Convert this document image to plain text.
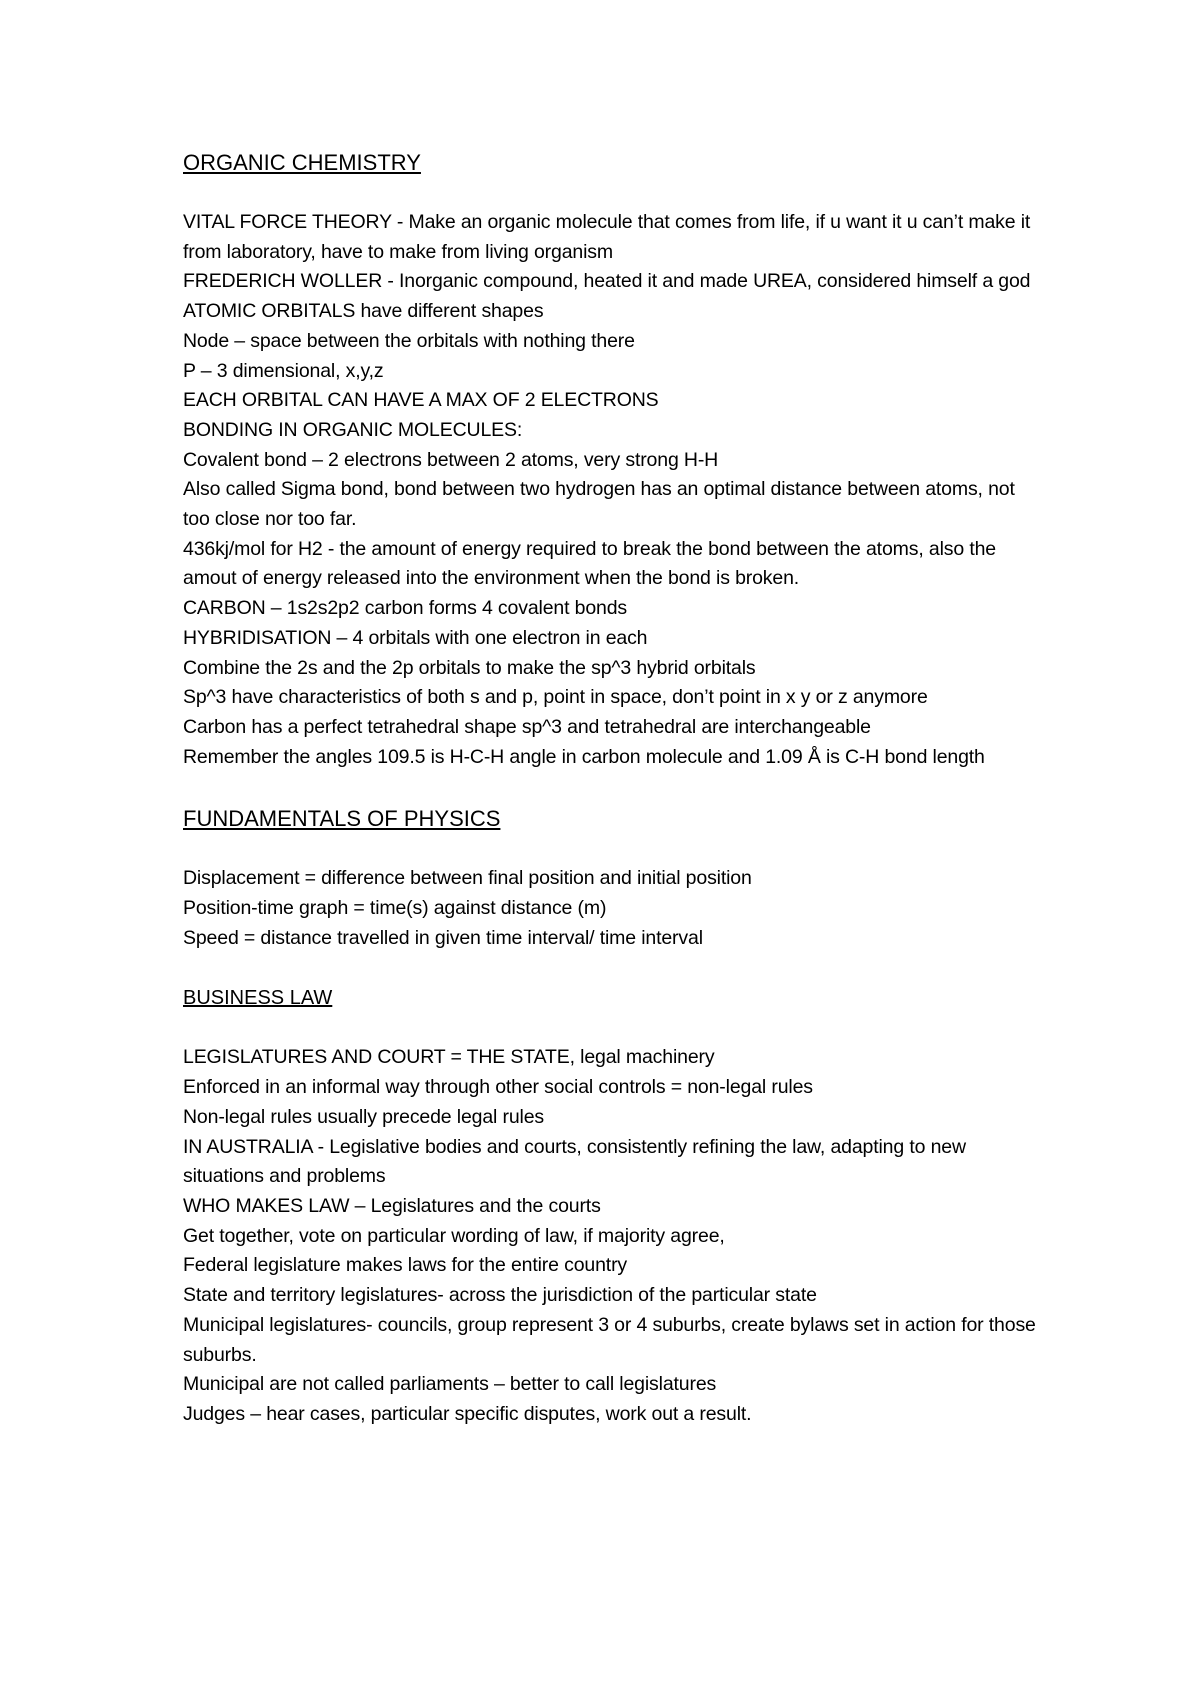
ORGANIC CHEMISTRY

VITAL FORCE THEORY - Make an organic molecule that comes from life, if u want it u can’t make it from laboratory, have to make from living organism

FREDERICH WOLLER - Inorganic compound, heated it and made UREA, considered himself a god

ATOMIC ORBITALS have different shapes

Node – space between the orbitals with nothing there

P – 3 dimensional, x,y,z

EACH ORBITAL CAN HAVE A MAX OF 2 ELECTRONS

BONDING IN ORGANIC MOLECULES:

Covalent bond – 2 electrons between 2 atoms, very strong H-H

Also called Sigma bond, bond between two hydrogen has an optimal distance between atoms, not too close nor too far.

436kj/mol for H2 - the amount of energy required to break the bond between the atoms, also the amout of energy released into the environment when the bond is broken.

CARBON – 1s2s2p2 carbon forms 4 covalent bonds

HYBRIDISATION – 4 orbitals with one electron in each

Combine the 2s and the 2p orbitals to make the sp^3 hybrid orbitals

Sp^3 have characteristics of both s and p, point in space, don’t point in x y or z anymore

Carbon has a perfect tetrahedral shape sp^3 and tetrahedral are interchangeable

Remember the angles 109.5 is H-C-H angle in carbon molecule and 1.09 Å is C-H bond length

FUNDAMENTALS OF PHYSICS

Displacement = difference between final position and initial position

Position-time graph = time(s) against distance (m)

Speed = distance travelled in given time interval/ time interval

BUSINESS LAW

LEGISLATURES AND COURT = THE STATE, legal machinery

Enforced in an informal way through other social controls = non-legal rules

Non-legal rules usually precede legal rules

IN AUSTRALIA - Legislative bodies and courts, consistently refining the law, adapting to new situations and problems

WHO MAKES LAW – Legislatures and the courts

Get together, vote on particular wording of law, if majority agree,

Federal legislature makes laws for the entire country

State and territory legislatures- across the jurisdiction of the particular state

Municipal legislatures- councils, group represent 3 or 4 suburbs, create bylaws set in action for those suburbs.

Municipal are not called parliaments – better to call legislatures

Judges – hear cases, particular specific disputes, work out a result.
